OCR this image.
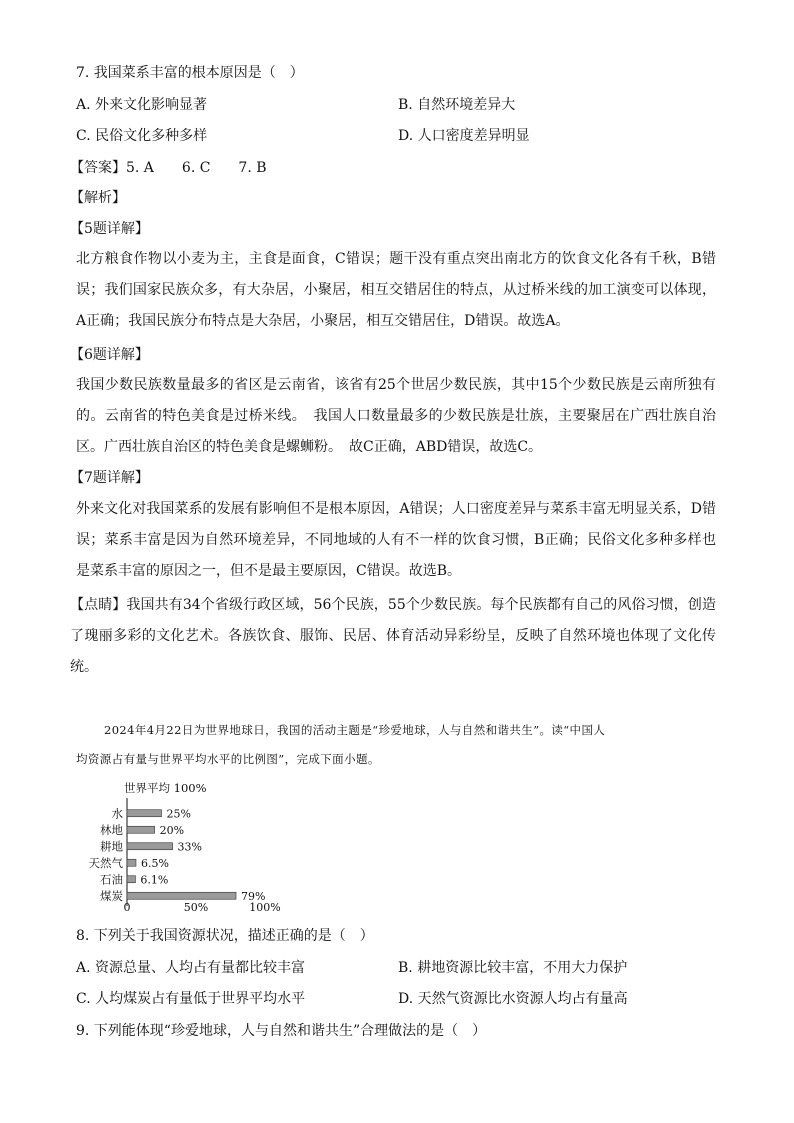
7. 我国菜系丰富的根本原因是（　）
A. 外来文化影响显著	B. 自然环境差异大
C. 民俗文化多种多样	D. 人口密度差异明显
【答案】5. A　　6. C　　7. B
【解析】
【5题详解】
北方粮食作物以小麦为主，主食是面食，C错误；题干没有重点突出南北方的饮食文化各有千秋，B错误；我们国家民族众多，有大杂居，小聚居，相互交错居住的特点，从过桥米线的加工演变可以体现，A正确；我国民族分布特点是大杂居，小聚居，相互交错居住，D错误。故选A。
【6题详解】
我国少数民族数量最多的省区是云南省，该省有25个世居少数民族，其中15个少数民族是云南所独有的。云南省的特色美食是过桥米线。　我国人口数量最多的少数民族是壮族，主要聚居在广西壮族自治区。广西壮族自治区的特色美食是螺蛳粉。　故C正确，ABD错误，故选C。
【7题详解】
外来文化对我国菜系的发展有影响但不是根本原因，A错误；人口密度差异与菜系丰富无明显关系，D错误；菜系丰富是因为自然环境差异，不同地域的人有不一样的饮食习惯，B正确；民俗文化多种多样也是菜系丰富的原因之一，但不是最主要原因，C错误。故选B。
【点睛】我国共有34个省级行政区域，56个民族，55个少数民族。每个民族都有自己的风俗习惯，创造了瑰丽多彩的文化艺术。各族饮食、服饰、民居、体育活动异彩纷呈，反映了自然环境也体现了文化传统。
2024年4月22日为世界地球日，我国的活动主题是“珍爱地球，人与自然和谐共生”。读“中国人
均资源占有量与世界平均水平的比例图”，完成下面小题。
世界平均 100%
水	25%
林地	20%
耕地	33%
天然气 6.5%
石油 6.1%
煤炭	79%
0	50%	100%
8. 下列关于我国资源状况，描述正确的是（　）
A. 资源总量、人均占有量都比较丰富	B. 耕地资源比较丰富，不用大力保护
C. 人均煤炭占有量低于世界平均水平	D. 天然气资源比水资源人均占有量高
9. 下列能体现“珍爱地球，人与自然和谐共生”合理做法的是（　）
